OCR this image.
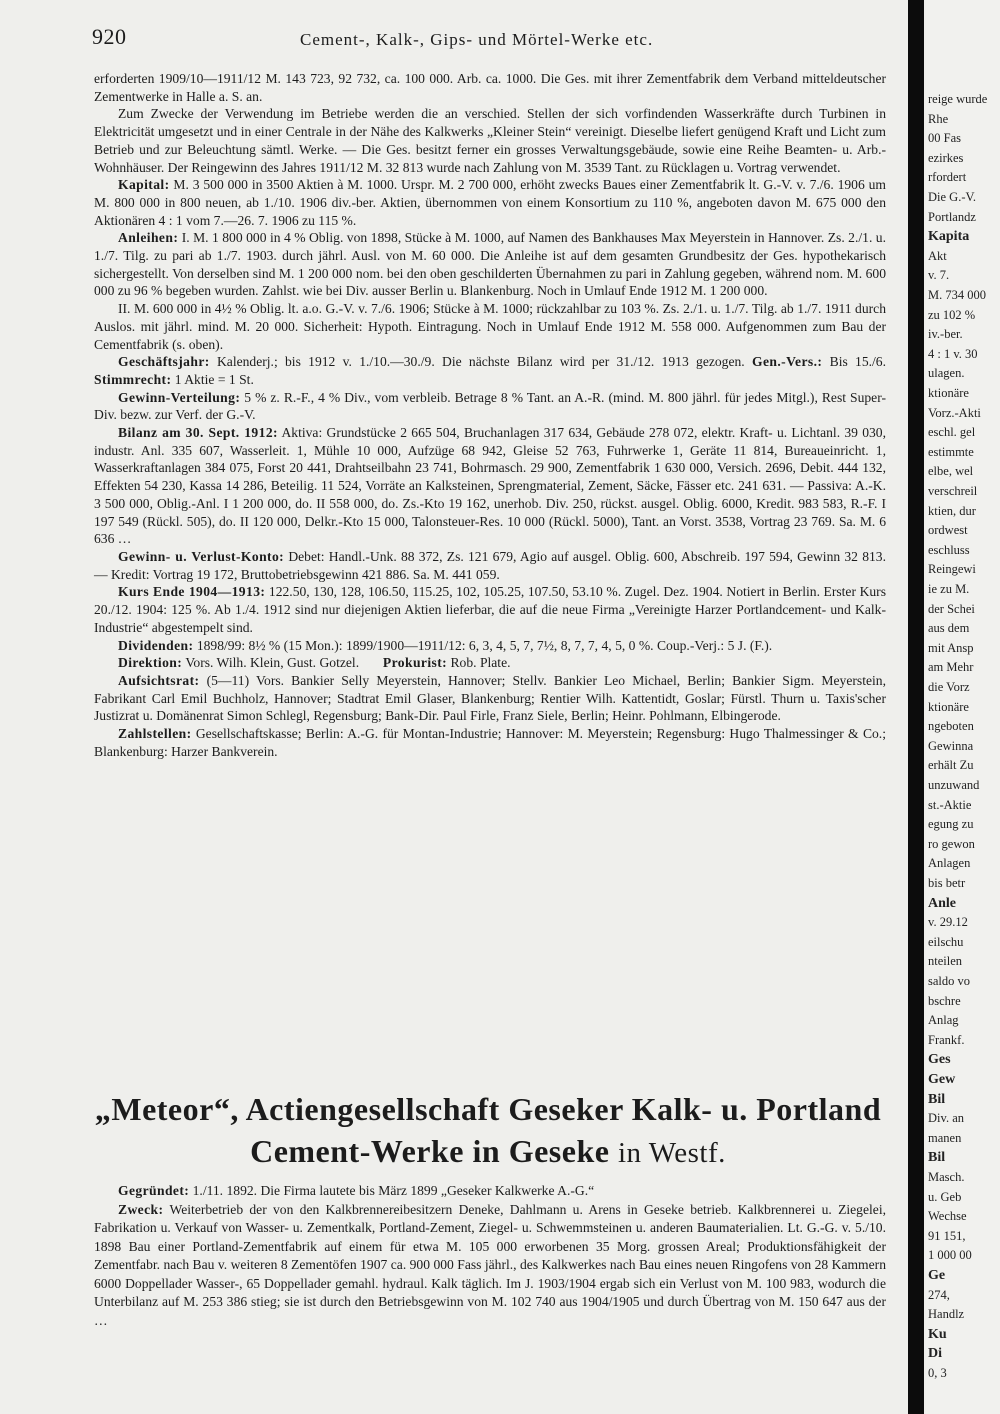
920	Cement-, Kalk-, Gips- und Mörtel-Werke etc.

erforderten 1909/10—1911/12 M. 143 723, 92 732, ca. 100 000. Arb. ca. 1000. Die Ges. mit ihrer Zementfabrik dem Verband mitteldeutscher Zementwerke in Halle a. S. an.

Zum Zwecke der Verwendung im Betriebe werden die an verschied. Stellen der sich vorfindenden Wasserkräfte durch Turbinen in Elektricität umgesetzt und in einer Centrale in der Nähe des Kalkwerks „Kleiner Stein“ vereinigt. Dieselbe liefert genügend Kraft und Licht zum Betrieb und zur Beleuchtung sämtl. Werke. — Die Ges. besitzt ferner ein grosses Verwaltungsgebäude, sowie eine Reihe Beamten- u. Arb.-Wohnhäuser. Der Reingewinn des Jahres 1911/12 M. 32 813 wurde nach Zahlung von M. 3539 Tant. zu Rücklagen u. Vortrag verwendet.

Kapital: M. 3 500 000 in 3500 Aktien à M. 1000. Urspr. M. 2 700 000, erhöht zwecks Baues einer Zementfabrik lt. G.-V. v. 7./6. 1906 um M. 800 000 in 800 neuen, ab 1./10. 1906 div.-ber. Aktien, übernommen von einem Konsortium zu 110 %, angeboten davon M. 675 000 den Aktionären 4 : 1 vom 7.—26. 7. 1906 zu 115 %.

Anleihen: I. M. 1 800 000 in 4 % Oblig. von 1898, Stücke à M. 1000, auf Namen des Bankhauses Max Meyerstein in Hannover. Zs. 2./1. u. 1./7. Tilg. zu pari ab 1./7. 1903. durch jährl. Ausl. von M. 60 000. Die Anleihe ist auf dem gesamten Grundbesitz der Ges. hypothekarisch sichergestellt. Von derselben sind M. 1 200 000 nom. bei den oben geschilderten Übernahmen zu pari in Zahlung gegeben, während nom. M. 600 000 zu 96 % begeben wurden. Zahlst. wie bei Div. ausser Berlin u. Blankenburg. Noch in Umlauf Ende 1912 M. 1 200 000.

II. M. 600 000 in 4½ % Oblig. lt. a.o. G.-V. v. 7./6. 1906; Stücke à M. 1000; rückzahlbar zu 103 %. Zs. 2./1. u. 1./7. Tilg. ab 1./7. 1911 durch Auslos. mit jährl. mind. M. 20 000. Sicherheit: Hypoth. Eintragung. Noch in Umlauf Ende 1912 M. 558 000. Aufgenommen zum Bau der Cementfabrik (s. oben).

Geschäftsjahr: Kalenderj.; bis 1912 v. 1./10.—30./9. Die nächste Bilanz wird per 31./12. 1913 gezogen. Gen.-Vers.: Bis 15./6. Stimmrecht: 1 Aktie = 1 St.

Gewinn-Verteilung: 5 % z. R.-F., 4 % Div., vom verbleib. Betrage 8 % Tant. an A.-R. (mind. M. 800 jährl. für jedes Mitgl.), Rest Super-Div. bezw. zur Verf. der G.-V.

Bilanz am 30. Sept. 1912: Aktiva: Grundstücke 2 665 504, Bruchanlagen 317 634, Gebäude 278 072, elektr. Kraft- u. Lichtanl. 39 030, industr. Anl. 335 607, Wasserleit. 1, Mühle 10 000, Aufzüge 68 942, Gleise 52 763, Fuhrwerke 1, Geräte 11 814, Bureaueinricht. 1, Wasserkraftanlagen 384 075, Forst 20 441, Drahtseilbahn 23 741, Bohrmasch. 29 900, Zementfabrik 1 630 000, Versich. 2696, Debit. 444 132, Effekten 54 230, Kassa 14 286, Beteilig. 11 524, Vorräte an Kalksteinen, Sprengmaterial, Zement, Säcke, Fässer etc. 241 631. — Passiva: A.-K. 3 500 000, Oblig.-Anl. I 1 200 000, do. II 558 000, do. Zs.-Kto 19 162, unerhob. Div. 250, rückst. ausgel. Oblig. 6000, Kredit. 983 583, R.-F. I 197 549 (Rückl. 505), do. II 120 000, Delkr.-Kto 15 000, Talonsteuer-Res. 10 000 (Rückl. 5000), Tant. an Vorst. 3538, Vortrag 23 769. Sa. M. 6 636 …

Gewinn- u. Verlust-Konto: Debet: Handl.-Unk. 88 372, Zs. 121 679, Agio auf ausgel. Oblig. 600, Abschreib. 197 594, Gewinn 32 813. — Kredit: Vortrag 19 172, Bruttobetriebsgewinn 421 886. Sa. M. 441 059.

Kurs Ende 1904—1913: 122.50, 130, 128, 106.50, 115.25, 102, 105.25, 107.50, 53.10 %. Zugel. Dez. 1904. Notiert in Berlin. Erster Kurs 20./12. 1904: 125 %. Ab 1./4. 1912 sind nur diejenigen Aktien lieferbar, die auf die neue Firma „Vereinigte Harzer Portlandcement- und Kalk-Industrie“ abgestempelt sind.

Dividenden: 1898/99: 8½ % (15 Mon.): 1899/1900—1911/12: 6, 3, 4, 5, 7, 7½, 8, 7, 7, 4, 5, 0 %. Coup.-Verj.: 5 J. (F.).

Direktion: Vors. Wilh. Klein, Gust. Gotzel. Prokurist: Rob. Plate.

Aufsichtsrat: (5—11) Vors. Bankier Selly Meyerstein, Hannover; Stellv. Bankier Leo Michael, Berlin; Bankier Sigm. Meyerstein, Fabrikant Carl Emil Buchholz, Hannover; Stadtrat Emil Glaser, Blankenburg; Rentier Wilh. Kattentidt, Goslar; Fürstl. Thurn u. Taxis'scher Justizrat u. Domänenrat Simon Schlegl, Regensburg; Bank-Dir. Paul Firle, Franz Siele, Berlin; Heinr. Pohlmann, Elbingerode.

Zahlstellen: Gesellschaftskasse; Berlin: A.-G. für Montan-Industrie; Hannover: M. Meyerstein; Regensburg: Hugo Thalmessinger & Co.; Blankenburg: Harzer Bankverein.

„Meteor“, Actiengesellschaft Geseker Kalk- u. Portland
Cement-Werke in Geseke in Westf.

Gegründet: 1./11. 1892. Die Firma lautete bis März 1899 „Geseker Kalkwerke A.-G.“

Zweck: Weiterbetrieb der von den Kalkbrennereibesitzern Deneke, Dahlmann u. Arens in Geseke betrieb. Kalkbrennerei u. Ziegelei, Fabrikation u. Verkauf von Wasser- u. Zementkalk, Portland-Zement, Ziegel- u. Schwemmsteinen u. anderen Baumaterialien. Lt. G.-G. v. 5./10. 1898 Bau einer Portland-Zementfabrik auf einem für etwa M. 105 000 erworbenen 35 Morg. grossen Areal; Produktionsfähigkeit der Zementfabr. nach Bau v. weiteren 8 Zementöfen 1907 ca. 900 000 Fass jährl., des Kalkwerkes nach Bau eines neuen Ringofens von 28 Kammern 6000 Doppellader Wasser-, 65 Doppellader gemahl. hydraul. Kalk täglich. Im J. 1903/1904 ergab sich ein Verlust von M. 100 983, wodurch die Unterbilanz auf M. 253 386 stieg; sie ist durch den Betriebsgewinn von M. 102 740 aus 1904/1905 und durch Übertrag von M. 150 647 aus der …

reige wurde
Rhe
00 Fas
ezirkes
rfordert
Die G.-V.
Portlandz
Kapita
Akt
v. 7.
M. 734 000
zu 102 %
iv.-ber.
4 : 1 v. 30
ulagen.
ktionäre
Vorz.-Akti
eschl. gel
estimmte
elbe, wel
verschreil
ktien, dur
ordwest
eschluss
Reingewi
ie zu M.
der Schei
aus dem
mit Ansp
am Mehr
die Vorz
ktionäre
ngeboten
Gewinna
erhält Zu
unzuwand
st.-Aktie
egung zu
ro gewon
Anlagen
bis betr
Anle
v. 29.12
eilschu
nteilen
saldo vo
bschre
Anlag
Frankf.
Ges
Gew
Bil
Div. an
manen
Bil
Masch.
u. Geb
Wechse
91 151,
1 000 00
Ge
274,
Handlz
Ku
Di
0, 3
